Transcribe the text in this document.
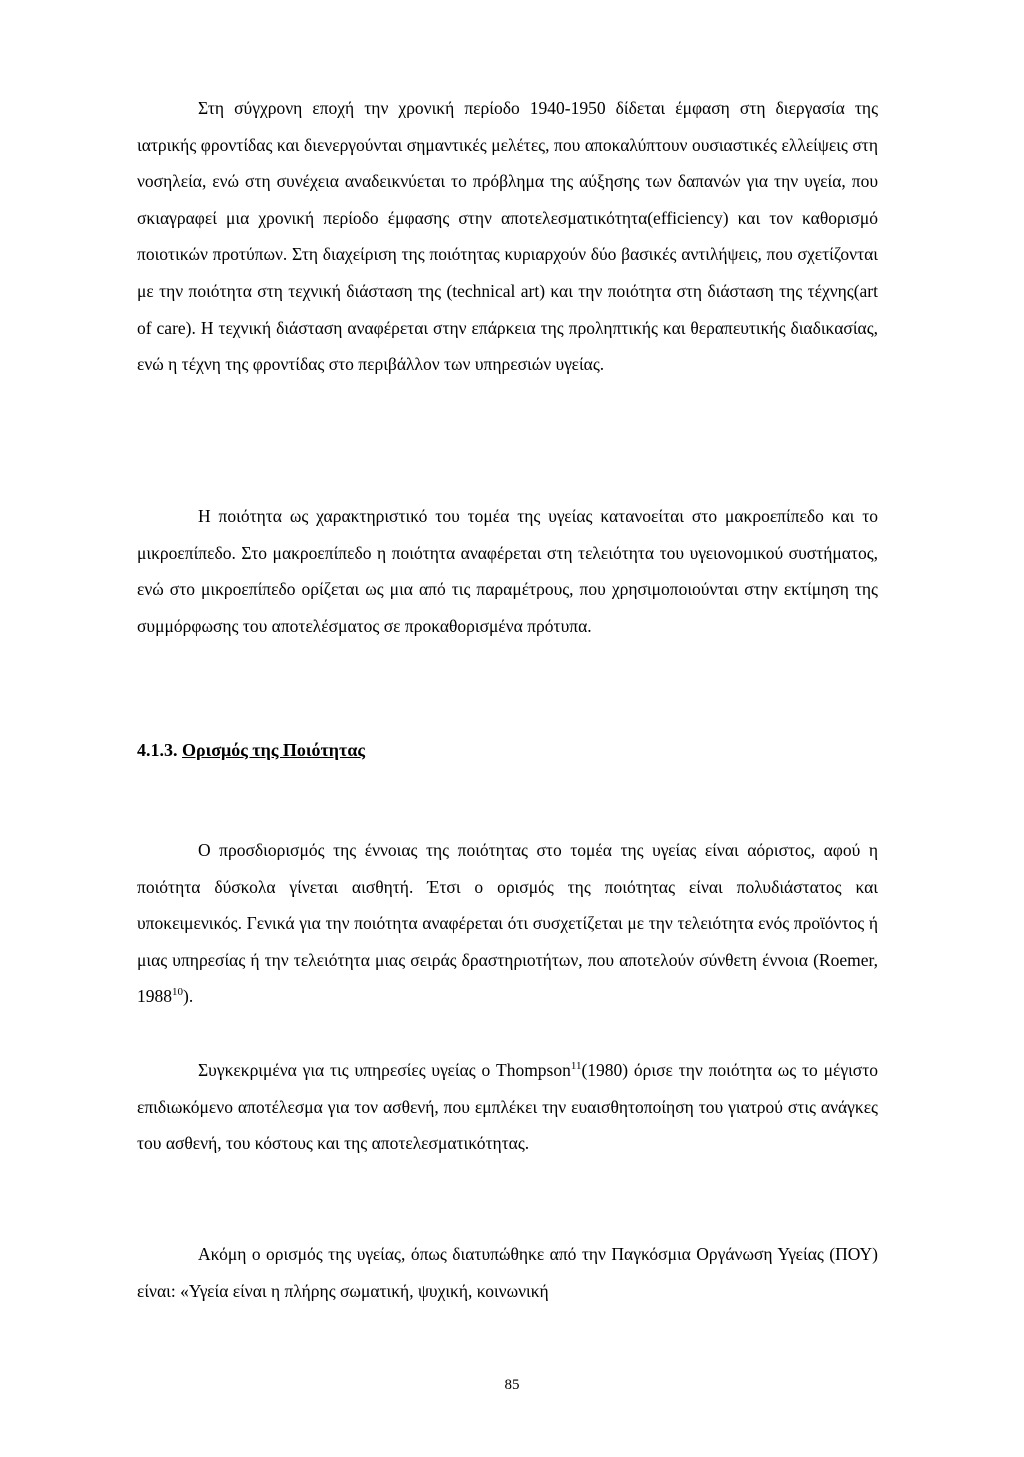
Στη σύγχρονη εποχή την χρονική περίοδο 1940-1950 δίδεται έμφαση στη διεργασία της ιατρικής φροντίδας και διενεργούνται σημαντικές μελέτες, που αποκαλύπτουν ουσιαστικές ελλείψεις στη νοσηλεία, ενώ στη συνέχεια αναδεικνύεται το πρόβλημα της αύξησης των δαπανών για την υγεία, που σκιαγραφεί μια χρονική περίοδο έμφασης στην αποτελεσματικότητα(efficiency) και τον καθορισμό ποιοτικών προτύπων. Στη διαχείριση της ποιότητας κυριαρχούν δύο βασικές αντιλήψεις, που σχετίζονται με την ποιότητα στη τεχνική διάσταση της (technical art) και την ποιότητα στη διάσταση της τέχνης(art of care). Η τεχνική διάσταση αναφέρεται στην επάρκεια της προληπτικής και θεραπευτικής διαδικασίας, ενώ η τέχνη της φροντίδας στο περιβάλλον των υπηρεσιών υγείας.

Η ποιότητα ως χαρακτηριστικό του τομέα της υγείας κατανοείται στο μακροεπίπεδο και το μικροεπίπεδο. Στο μακροεπίπεδο η ποιότητα αναφέρεται στη τελειότητα του υγειονομικού συστήματος, ενώ στο μικροεπίπεδο ορίζεται ως μια από τις παραμέτρους, που χρησιμοποιούνται στην εκτίμηση της συμμόρφωσης του αποτελέσματος σε προκαθορισμένα πρότυπα.

4.1.3. Ορισμός της Ποιότητας

Ο προσδιορισμός της έννοιας της ποιότητας στο τομέα της υγείας είναι αόριστος, αφού η ποιότητα δύσκολα γίνεται αισθητή. Έτσι ο ορισμός της ποιότητας είναι πολυδιάστατος και υποκειμενικός. Γενικά για την ποιότητα αναφέρεται ότι συσχετίζεται με την τελειότητα ενός προϊόντος ή μιας υπηρεσίας ή την τελειότητα μιας σειράς δραστηριοτήτων, που αποτελούν σύνθετη έννοια (Roemer, 1988$^{10}$).

Συγκεκριμένα για τις υπηρεσίες υγείας ο Thompson$^{11}$(1980) όρισε την ποιότητα ως το μέγιστο επιδιωκόμενο αποτέλεσμα για τον ασθενή, που εμπλέκει την ευαισθητοποίηση του γιατρού στις ανάγκες του ασθενή, του κόστους και της αποτελεσματικότητας.

Ακόμη ο ορισμός της υγείας, όπως διατυπώθηκε από την Παγκόσμια Οργάνωση Υγείας (ΠΟΥ) είναι: «Υγεία είναι η πλήρης σωματική, ψυχική, κοινωνική

85
